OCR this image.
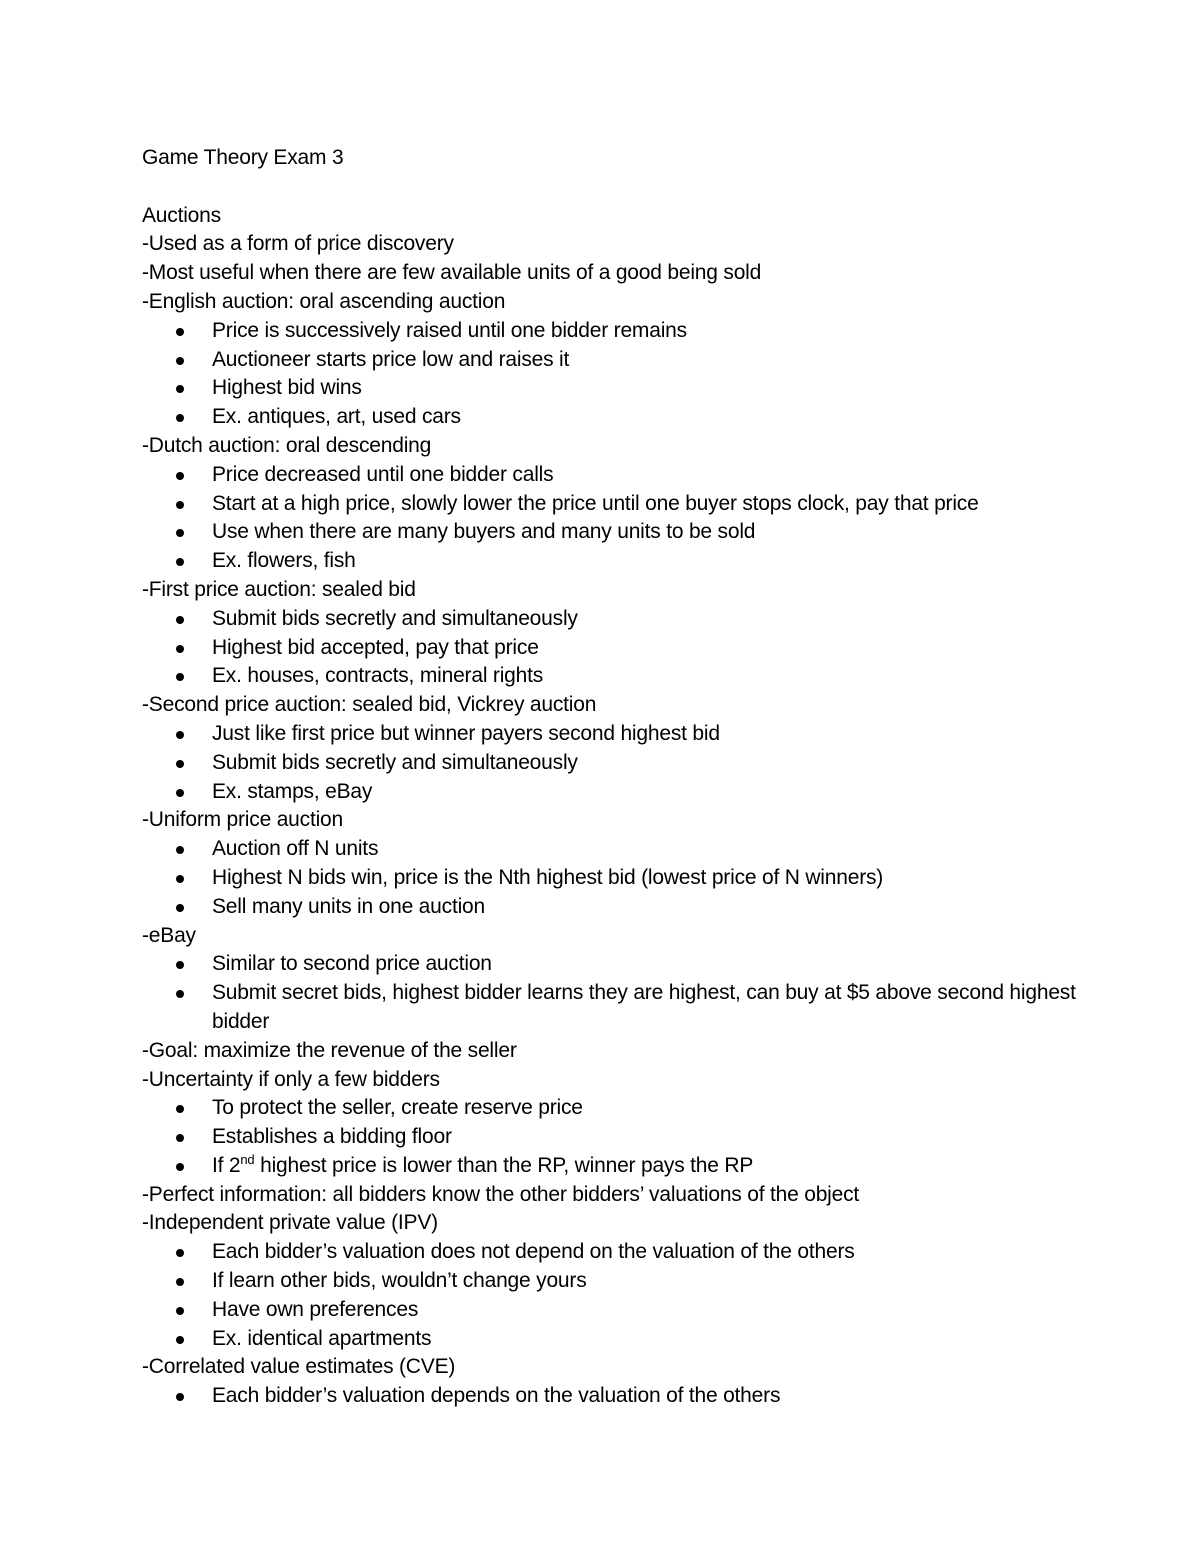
Game Theory Exam 3
Auctions
-Used as a form of price discovery
-Most useful when there are few available units of a good being sold
-English auction: oral ascending auction
Price is successively raised until one bidder remains
Auctioneer starts price low and raises it
Highest bid wins
Ex. antiques, art, used cars
-Dutch auction: oral descending
Price decreased until one bidder calls
Start at a high price, slowly lower the price until one buyer stops clock, pay that price
Use when there are many buyers and many units to be sold
Ex. flowers, fish
-First price auction: sealed bid
Submit bids secretly and simultaneously
Highest bid accepted, pay that price
Ex. houses, contracts, mineral rights
-Second price auction: sealed bid, Vickrey auction
Just like first price but winner payers second highest bid
Submit bids secretly and simultaneously
Ex. stamps, eBay
-Uniform price auction
Auction off N units
Highest N bids win, price is the Nth highest bid (lowest price of N winners)
Sell many units in one auction
-eBay
Similar to second price auction
Submit secret bids, highest bidder learns they are highest, can buy at $5 above second highest bidder
-Goal: maximize the revenue of the seller
-Uncertainty if only a few bidders
To protect the seller, create reserve price
Establishes a bidding floor
If 2nd highest price is lower than the RP, winner pays the RP
-Perfect information: all bidders know the other bidders’ valuations of the object
-Independent private value (IPV)
Each bidder’s valuation does not depend on the valuation of the others
If learn other bids, wouldn’t change yours
Have own preferences
Ex. identical apartments
-Correlated value estimates (CVE)
Each bidder’s valuation depends on the valuation of the others
